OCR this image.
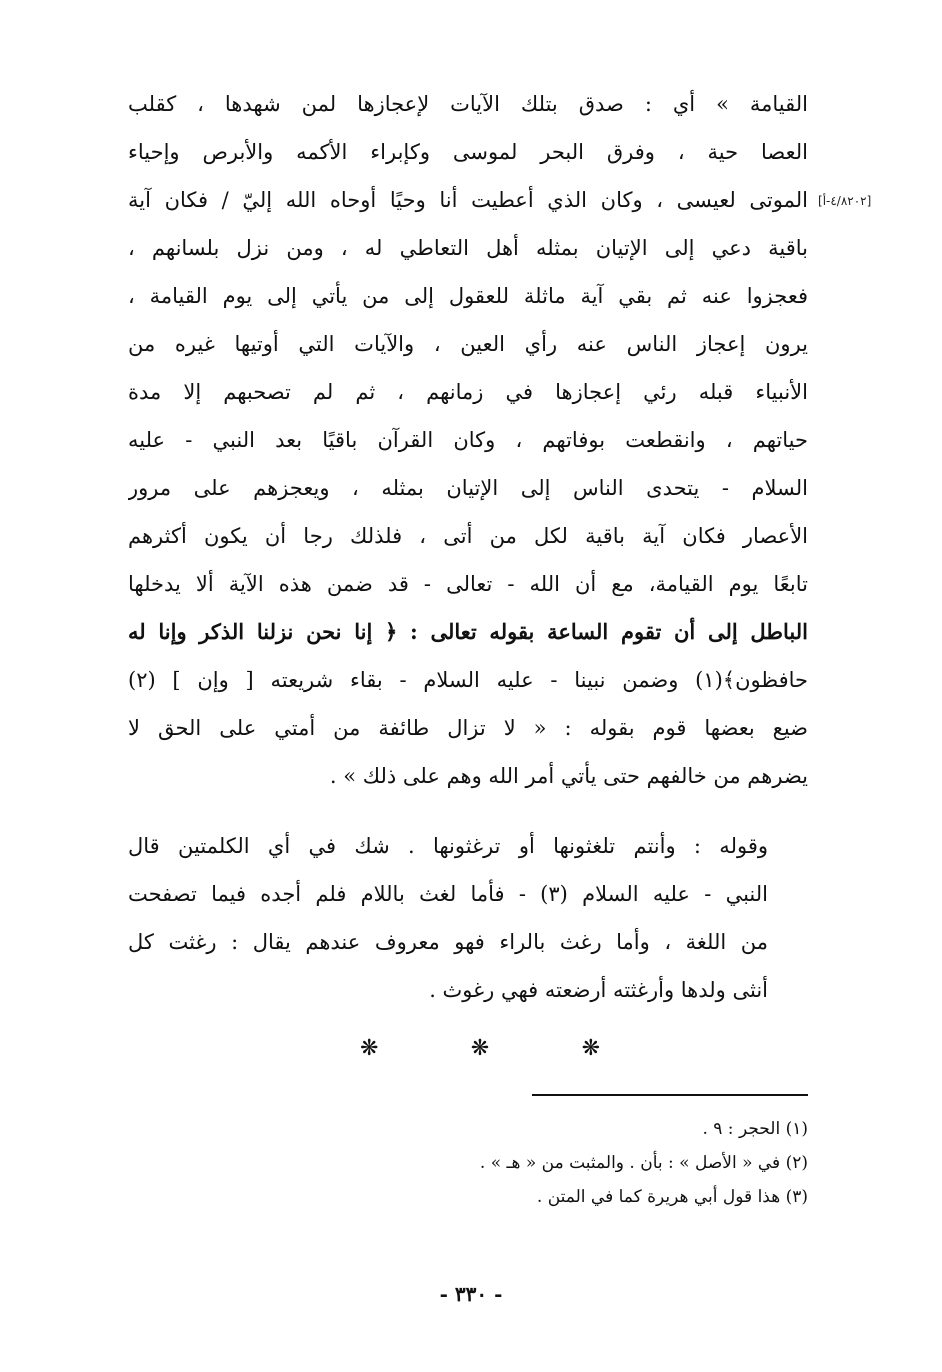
[٤/٨٢٠٢-أ]
القيامة » أي : صدق بتلك الآيات لإعجازها لمن شهدها ، كقلب
العصا حية ، وفرق البحر لموسى وكإبراء الأكمه والأبرص وإحياء
الموتى لعيسى ، وكان الذي أعطيت أنا وحيًا أوحاه الله إليّ / فكان آية
باقية دعي إلى الإتيان بمثله أهل التعاطي له ، ومن نزل بلسانهم ،
فعجزوا عنه ثم بقي آية ماثلة للعقول إلى من يأتي إلى يوم القيامة ،
يرون إعجاز الناس عنه رأي العين ، والآيات التي أوتيها غيره من
الأنبياء قبله رئي إعجازها في زمانهم ، ثم لم تصحبهم إلا مدة
حياتهم ، وانقطعت بوفاتهم ، وكان القرآن باقيًا بعد النبي - عليه
السلام - يتحدى الناس إلى الإتيان بمثله ، ويعجزهم على مرور
الأعصار فكان آية باقية لكل من أتى ، فلذلك رجا أن يكون أكثرهم
تابعًا يوم القيامة، مع أن الله - تعالى - قد ضمن هذه الآية ألا يدخلها
الباطل إلى أن تقوم الساعة بقوله تعالى : ﴿ إنا نحن نزلنا الذكر وإنا له
حافظون﴾(١) وضمن نبينا - عليه السلام - بقاء شريعته [ وإن ] (٢)
ضيع بعضها قوم بقوله : « لا تزال طائفة من أمتي على الحق لا
يضرهم من خالفهم حتى يأتي أمر الله وهم على ذلك » .
وقوله : وأنتم تلغثونها أو ترغثونها . شك في أي الكلمتين قال
النبي - عليه السلام (٣) - فأما لغث باللام فلم أجده فيما تصفحت
من اللغة ، وأما رغث بالراء فهو معروف عندهم يقال : رغثت كل
أنثى ولدها وأرغثته أرضعته فهي رغوث .
❋	❋	❋
(١) الحجر : ٩ .
(٢) في « الأصل » : بأن . والمثبت من « هـ » .
(٣) هذا قول أبي هريرة كما في المتن .
- ٣٣٠ -
